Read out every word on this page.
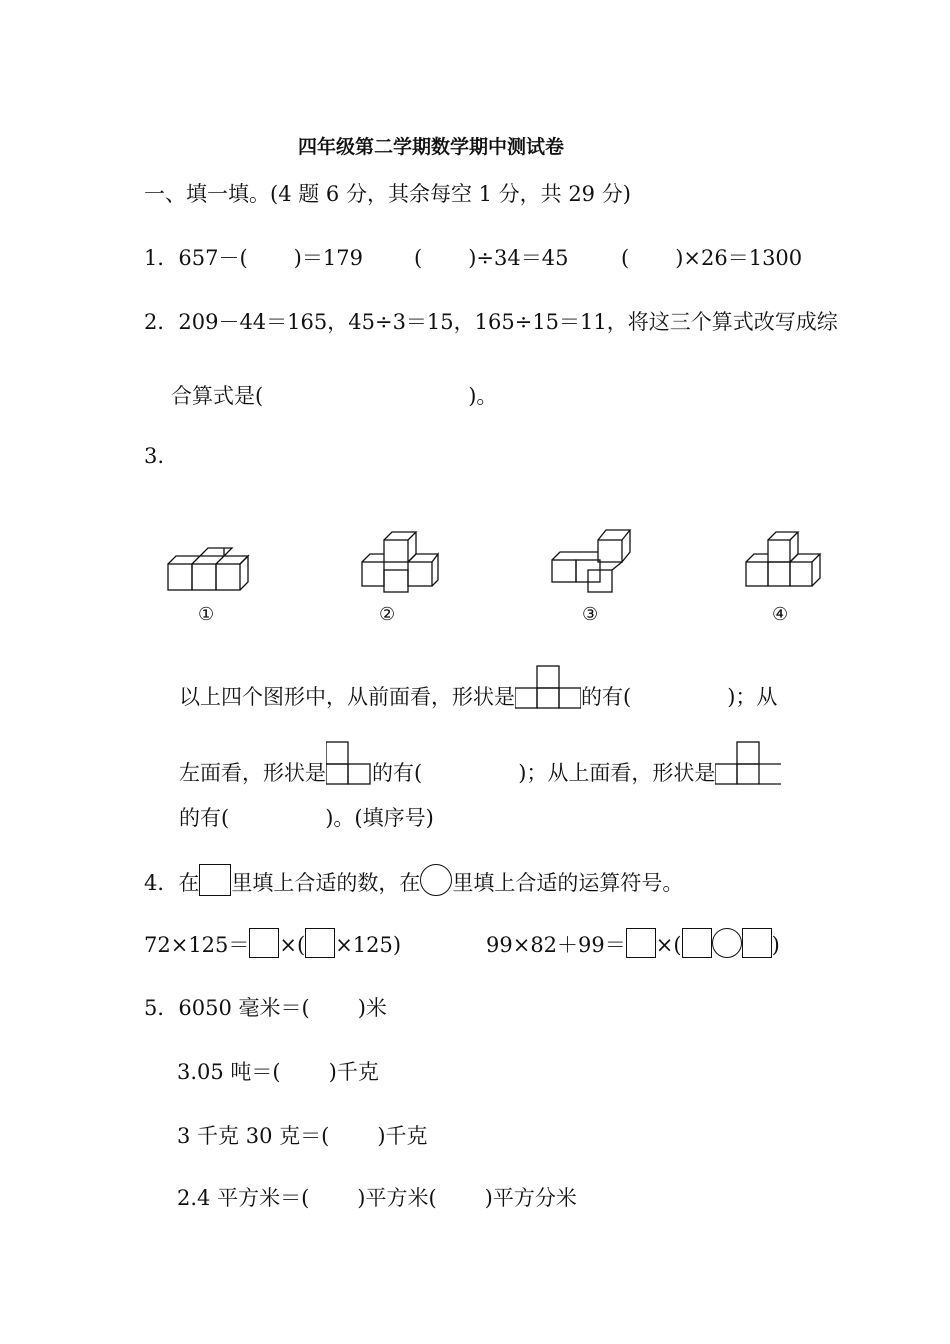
四年级第二学期数学期中测试卷
一、填一填。(4 题 6 分，其余每空 1 分，共 29 分)
1．657－( )＝179 ( )÷34＝45	( )×26＝1300
2．209－44＝165，45÷3＝15，165÷15＝11，将这三个算式改写成综
合算式是(	)。
3.
①	②	③	④
以上四个图形中，从前面看，形状是	的有(	)；从
左面看，形状是 的有(	)；从上面看，形状是
的有(	)。(填序号)
4．在 里填上合适的数，在 里填上合适的运算符号。
72×125＝ ×( ×125)	99×82＋99＝ ×(	)
5．6050 毫米＝( )米
3.05 吨＝( )千克
3 千克 30 克＝( )千克
2.4 平方米＝( )平方米( )平方分米
